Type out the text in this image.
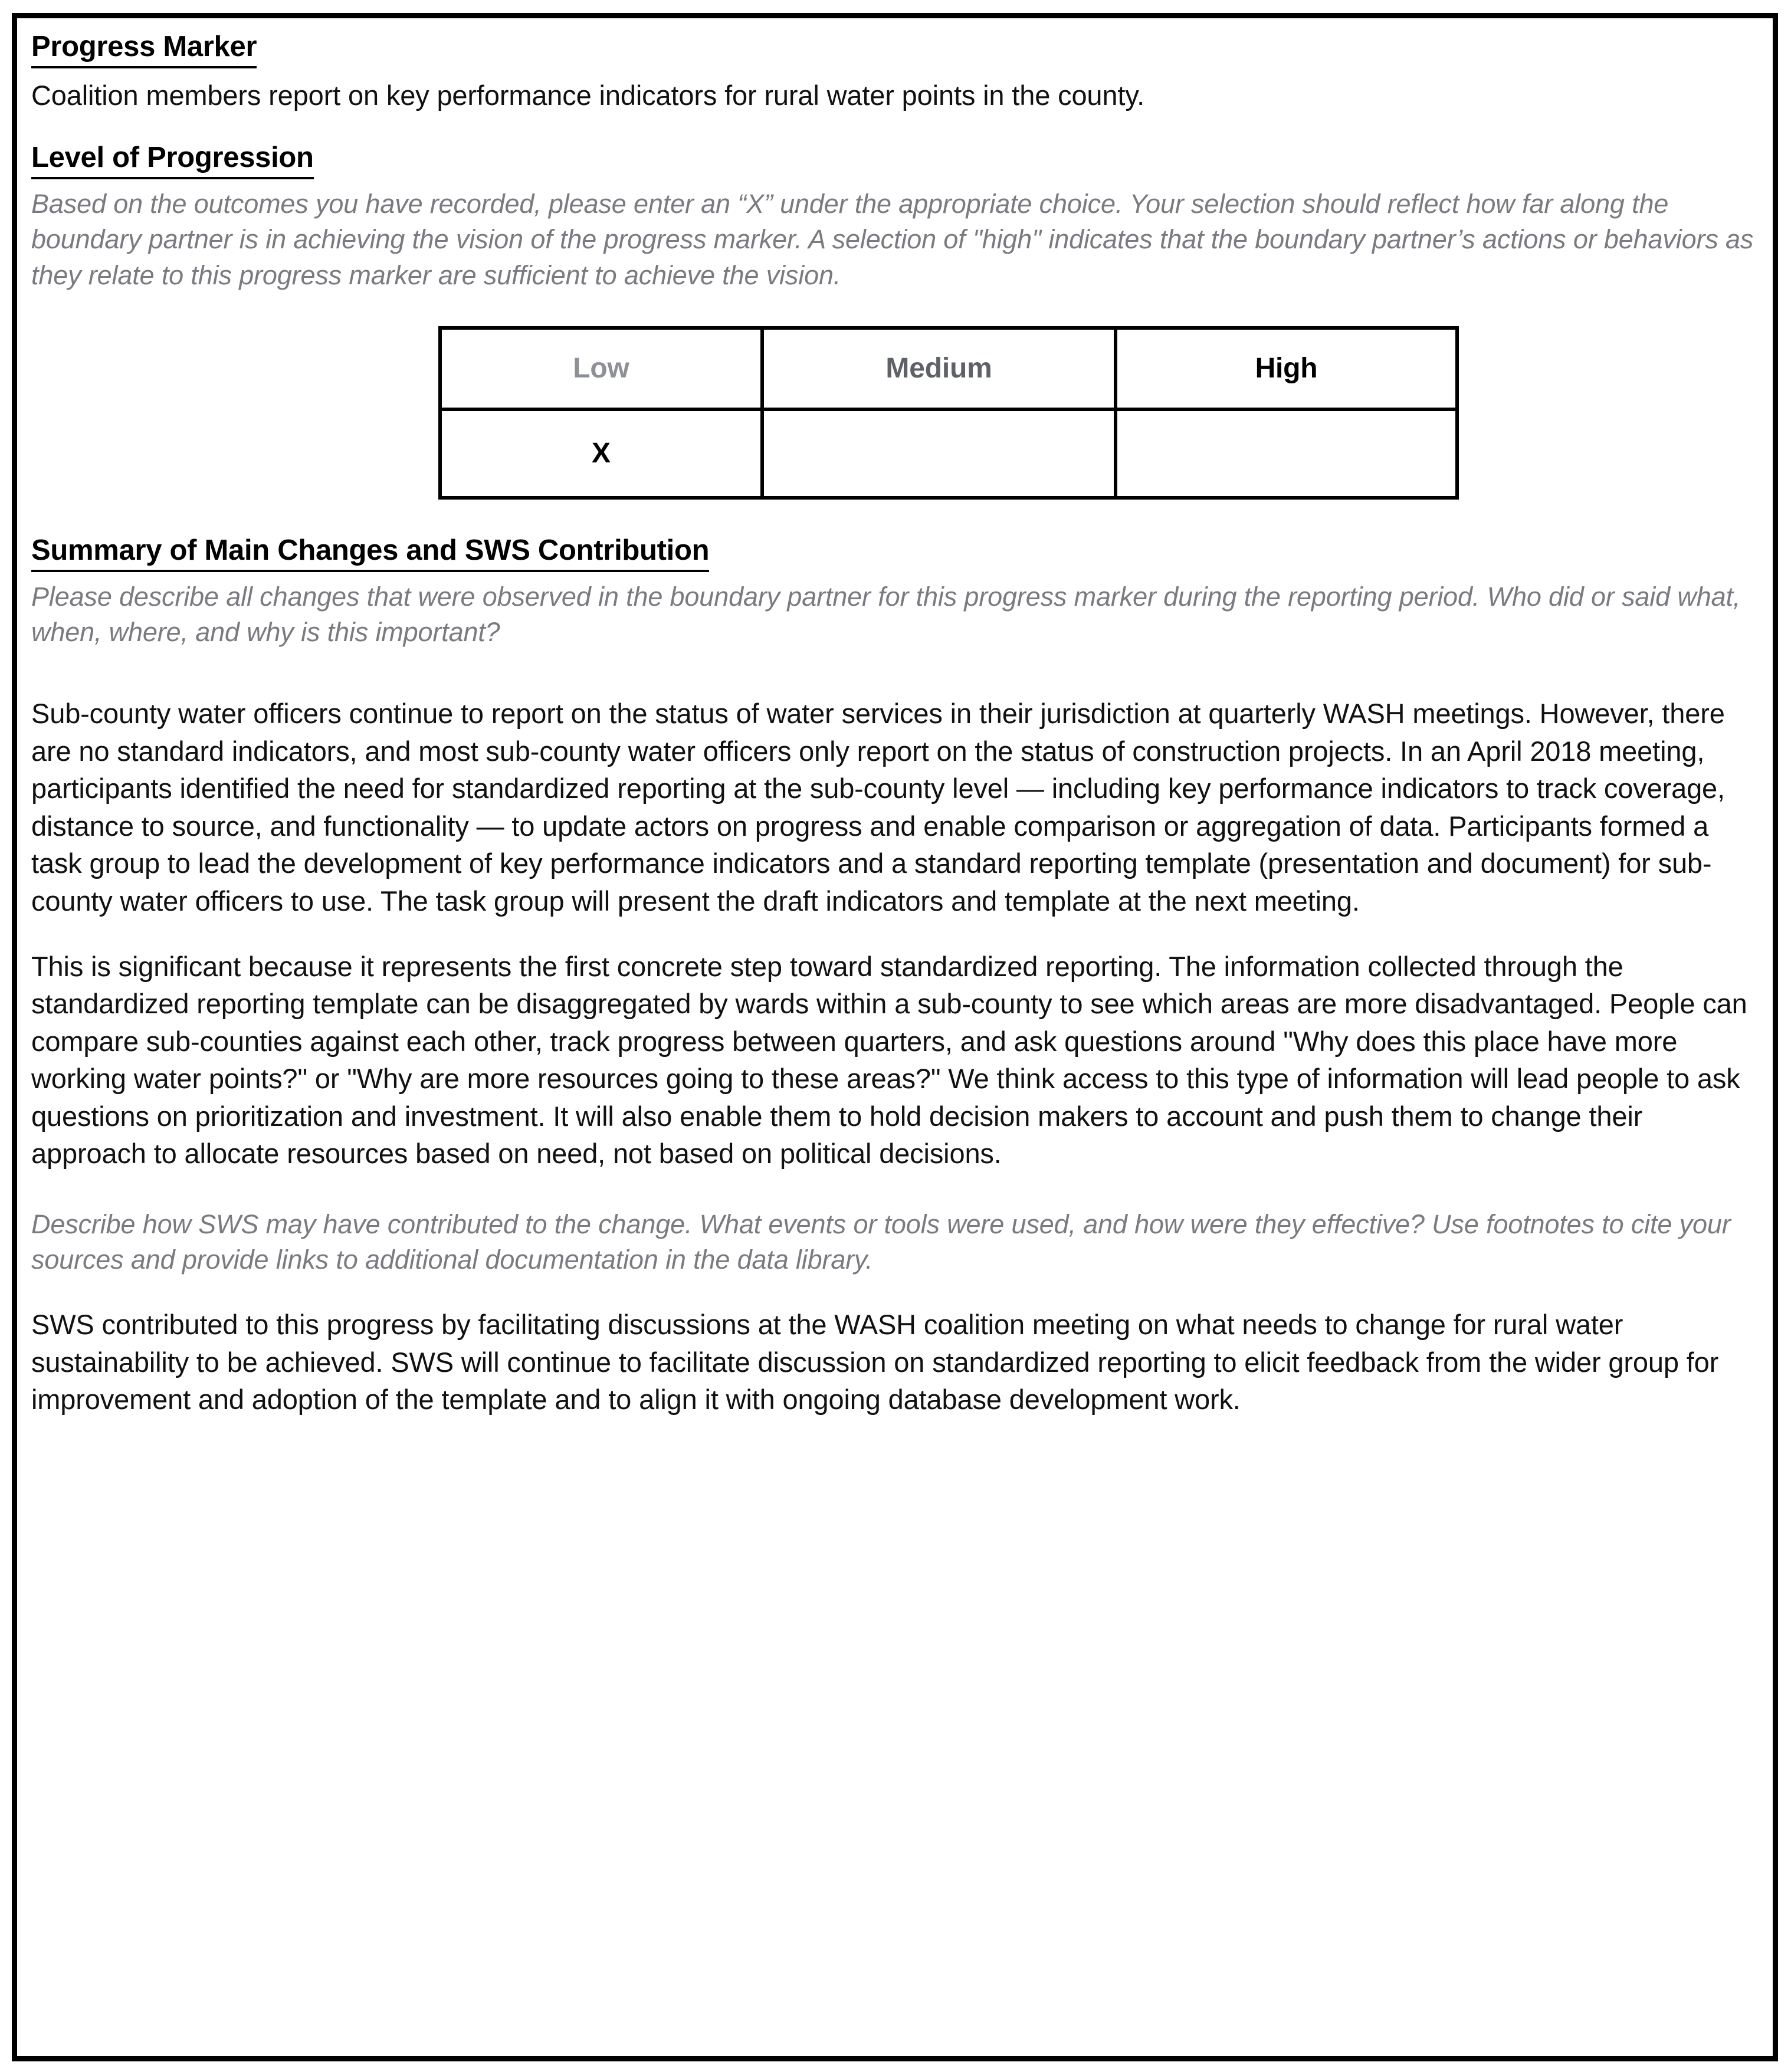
Progress Marker

Coalition members report on key performance indicators for rural water points in the county.

Level of Progression

Based on the outcomes you have recorded, please enter an “X” under the appropriate choice. Your selection should reflect how far along the boundary partner is in achieving the vision of the progress marker. A selection of "high" indicates that the boundary partner’s actions or behaviors as they relate to this progress marker are sufficient to achieve the vision.

Low	Medium	High
X		
Summary of Main Changes and SWS Contribution

Please describe all changes that were observed in the boundary partner for this progress marker during the reporting period. Who did or said what, when, where, and why is this important?

Sub-county water officers continue to report on the status of water services in their jurisdiction at quarterly WASH meetings. However, there are no standard indicators, and most sub-county water officers only report on the status of construction projects. In an April 2018 meeting, participants identified the need for standardized reporting at the sub-county level — including key performance indicators to track coverage, distance to source, and functionality — to update actors on progress and enable comparison or aggregation of data. Participants formed a task group to lead the development of key performance indicators and a standard reporting template (presentation and document) for sub-county water officers to use. The task group will present the draft indicators and template at the next meeting.

This is significant because it represents the first concrete step toward standardized reporting. The information collected through the standardized reporting template can be disaggregated by wards within a sub-county to see which areas are more disadvantaged. People can compare sub-counties against each other, track progress between quarters, and ask questions around "Why does this place have more working water points?" or "Why are more resources going to these areas?" We think access to this type of information will lead people to ask questions on prioritization and investment. It will also enable them to hold decision makers to account and push them to change their approach to allocate resources based on need, not based on political decisions.

Describe how SWS may have contributed to the change. What events or tools were used, and how were they effective? Use footnotes to cite your sources and provide links to additional documentation in the data library.

SWS contributed to this progress by facilitating discussions at the WASH coalition meeting on what needs to change for rural water sustainability to be achieved. SWS will continue to facilitate discussion on standardized reporting to elicit feedback from the wider group for improvement and adoption of the template and to align it with ongoing database development work.
